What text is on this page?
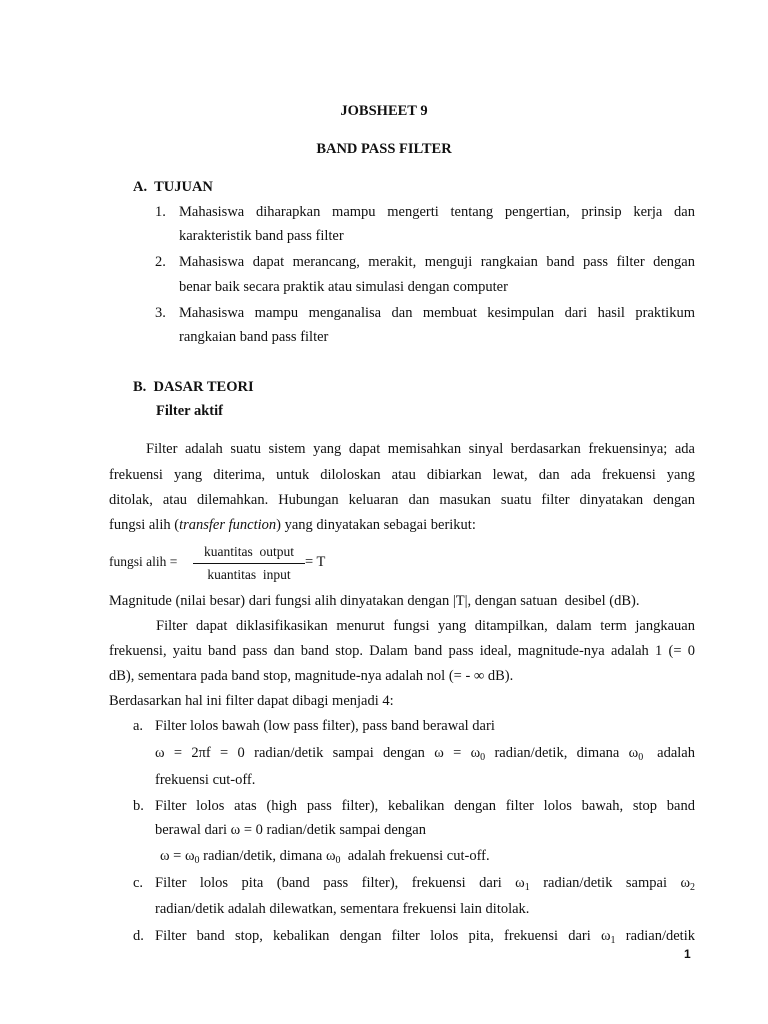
JOBSHEET 9
BAND PASS FILTER
A.  TUJUAN
1. Mahasiswa diharapkan mampu mengerti tentang pengertian, prinsip kerja dan
karakteristik band pass filter
2. Mahasiswa dapat merancang, merakit, menguji rangkaian band pass filter dengan
benar baik secara praktik atau simulasi dengan computer
3. Mahasiswa mampu menganalisa dan membuat kesimpulan dari hasil praktikum
rangkaian band pass filter
B.  DASAR TEORI
Filter aktif
Filter adalah suatu sistem yang dapat memisahkan sinyal berdasarkan frekuensinya; ada
frekuensi yang diterima, untuk diloloskan atau dibiarkan lewat, dan ada frekuensi yang
ditolak, atau dilemahkan. Hubungan keluaran dan masukan suatu filter dinyatakan dengan
fungsi alih (transfer function) yang dinyatakan sebagai berikut:
fungsi alih =
kuantitas  output
kuantitas  input
= T
Magnitude (nilai besar) dari fungsi alih dinyatakan dengan |T|, dengan satuan  desibel (dB).
Filter dapat diklasifikasikan menurut fungsi yang ditampilkan, dalam term jangkauan
frekuensi, yaitu band pass dan band stop. Dalam band pass ideal, magnitude-nya adalah 1 (= 0
dB), sementara pada band stop, magnitude-nya adalah nol (= - ∞ dB).
Berdasarkan hal ini filter dapat dibagi menjadi 4:
a. Filter lolos bawah (low pass filter), pass band berawal dari
ω  =  2πf  =  0  radian/detik  sampai  dengan  $\omega = \omega_0$  radian/detik,  dimana  $\omega_0$   adalah
frekuensi cut-off.
b. Filter lolos atas (high pass filter), kebalikan dengan filter lolos bawah, stop band
berawal dari ω = 0 radian/detik sampai dengan
$\omega = \omega_0$ radian/detik, dimana $\omega_0$  adalah frekuensi cut-off.
c. Filter  lolos  pita  (band  pass  filter),  frekuensi  dari  $\omega_1$  radian/detik  sampai  $\omega_2$
radian/detik adalah dilewatkan, sementara frekuensi lain ditolak.
d. Filter band stop, kebalikan dengan filter lolos pita, frekuensi dari $\omega_1$ radian/detik
1
